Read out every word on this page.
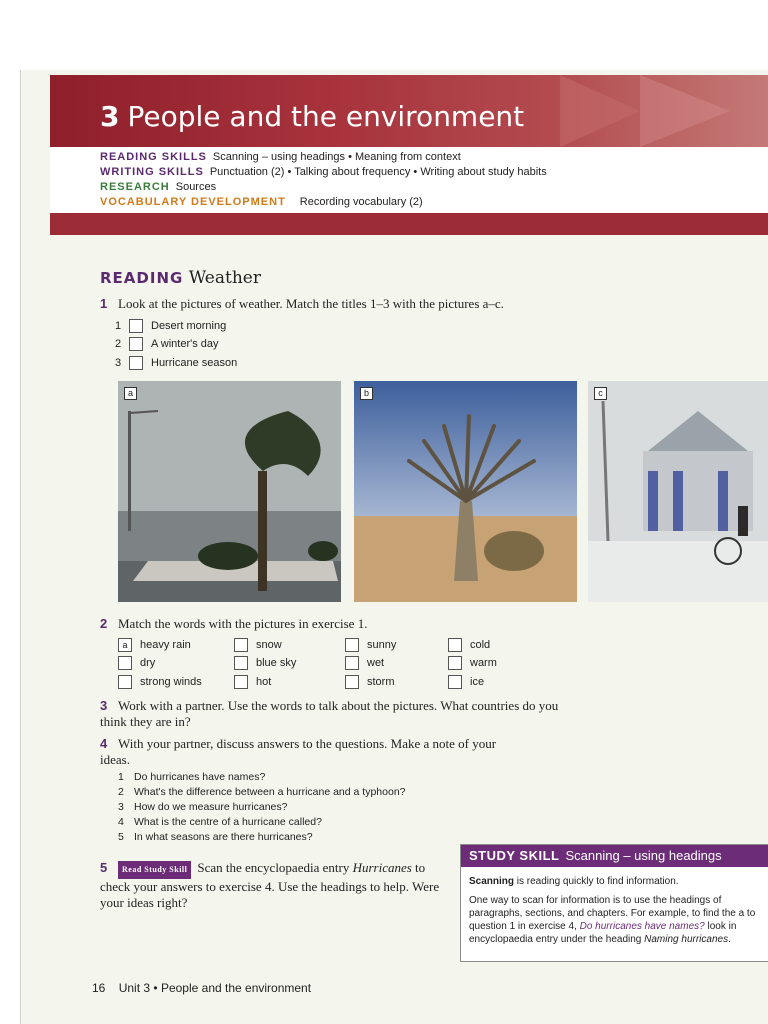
3 People and the environment
READING SKILLS Scanning – using headings • Meaning from context
WRITING SKILLS Punctuation (2) • Talking about frequency • Writing about study habits
RESEARCH Sources
VOCABULARY DEVELOPMENT Recording vocabulary (2)
READING Weather
1 Look at the pictures of weather. Match the titles 1–3 with the pictures a–c.
1	Desert morning
2	A winter's day
3	Hurricane season
a	b	c
2 Match the words with the pictures in exercise 1.
a	heavy rain	snow	sunny	cold
dry	blue sky	wet	warm
strong winds	hot	storm	ice
3 Work with a partner. Use the words to talk about the pictures. What countries do you think they are in?
4 With your partner, discuss answers to the questions. Make a note of your ideas.
1 Do hurricanes have names?
2 What's the difference between a hurricane and a typhoon?
3 How do we measure hurricanes?
4 What is the centre of a hurricane called?
5 In what seasons are there hurricanes?
5 Read Study Skill Scan the encyclopaedia entry Hurricanes to check your answers to exercise 4. Use the headings to help. Were your ideas right?
STUDY SKILL Scanning – using headings
Scanning is reading quickly to find information.
One way to scan for information is to use the headings of paragraphs, sections, and chapters. For example, to find the a to question 1 in exercise 4, Do hurricanes have names? look in encyclopaedia entry under the heading Naming hurricanes.
16 Unit 3 • People and the environment
